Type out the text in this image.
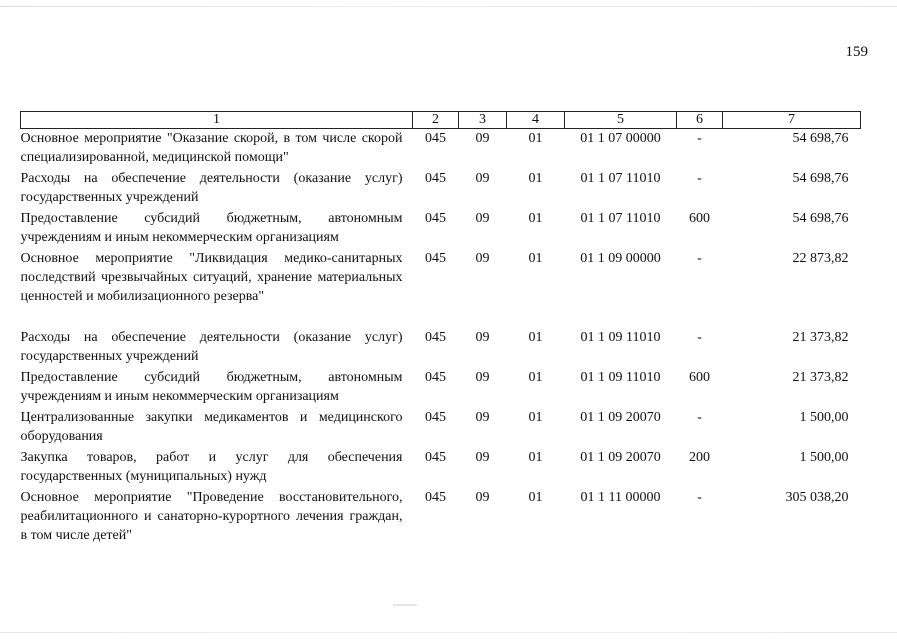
159
1	2	3	4	5	6	7
Основное мероприятие "Оказание скорой, в том числе скорой специализированной, медицинской помощи"	045	09	01	01 1 07 00000	-	54 698,76
Расходы на обеспечение деятельности (оказание услуг) государственных учреждений	045	09	01	01 1 07 11010	-	54 698,76
Предоставление субсидий бюджетным, автономным учреждениям и иным некоммерческим организациям	045	09	01	01 1 07 11010	600	54 698,76
Основное мероприятие "Ликвидация медико-санитарных последствий чрезвычайных ситуаций, хранение материальных ценностей и мобилизационного резерва"	045	09	01	01 1 09 00000	-	22 873,82
Расходы на обеспечение деятельности (оказание услуг) государственных учреждений	045	09	01	01 1 09 11010	-	21 373,82
Предоставление субсидий бюджетным, автономным учреждениям и иным некоммерческим организациям	045	09	01	01 1 09 11010	600	21 373,82
Централизованные закупки медикаментов и медицинского оборудования	045	09	01	01 1 09 20070	-	1 500,00
Закупка товаров, работ и услуг для обеспечения государственных (муниципальных) нужд	045	09	01	01 1 09 20070	200	1 500,00
Основное мероприятие "Проведение восстановительного, реабилитационного и санаторно-курортного лечения граждан, в том числе детей"	045	09	01	01 1 11 00000	-	305 038,20
